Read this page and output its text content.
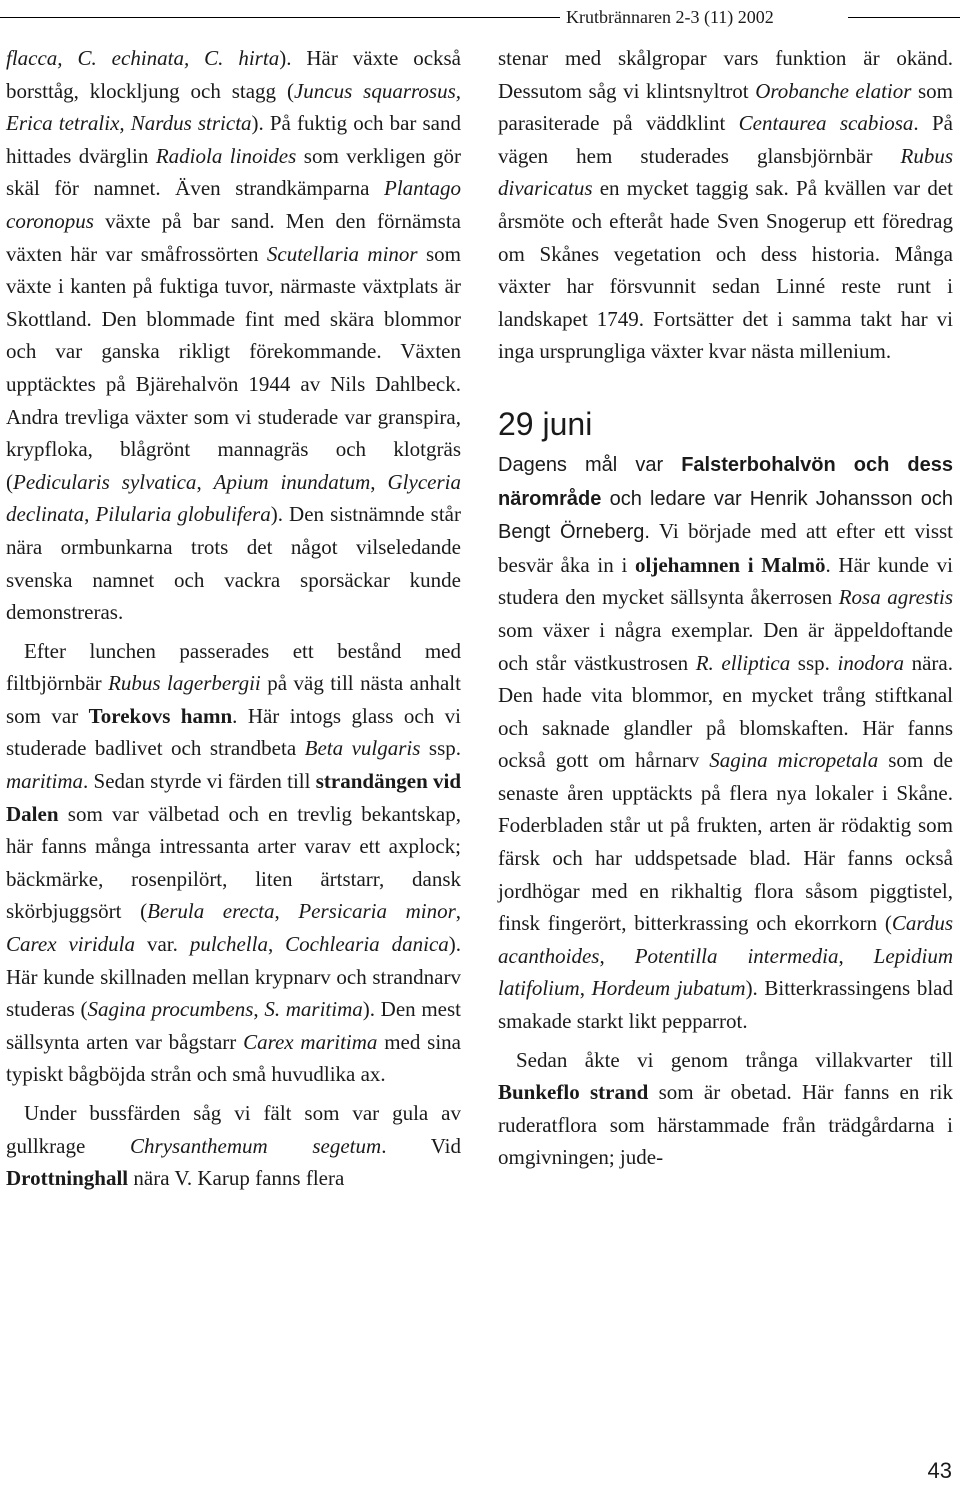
Krutbrännaren 2-3 (11) 2002

flacca, C. echinata, C. hirta). Här växte också borsttåg, klockljung och stagg (Juncus squarrosus, Erica tetralix, Nardus stricta). På fuktig och bar sand hittades dvärglin Radiola linoides som verkligen gör skäl för namnet. Även strandkämparna Plantago coronopus växte på bar sand. Men den förnämsta växten här var småfrossörten Scutellaria minor som växte i kanten på fuktiga tuvor, närmaste växtplats är Skottland. Den blommade fint med skära blommor och var ganska rikligt förekommande. Växten upptäcktes på Bjärehalvön 1944 av Nils Dahlbeck. Andra trevliga växter som vi studerade var granspira, krypfloka, blågrönt mannagräs och klotgräs (Pedicularis sylvatica, Apium inundatum, Glyceria declinata, Pilularia globulifera). Den sistnämnde står nära ormbunkarna trots det något vilseledande svenska namnet och vackra sporsäckar kunde demonstreras.

Efter lunchen passerades ett bestånd med filtbjörnbär Rubus lagerbergii på väg till nästa anhalt som var Torekovs hamn. Här intogs glass och vi studerade badlivet och strandbeta Beta vulgaris ssp. maritima. Sedan styrde vi färden till strandängen vid Dalen som var välbetad och en trevlig bekantskap, här fanns många intressanta arter varav ett axplock; bäckmärke, rosenpilört, liten ärtstarr, dansk skörbjuggsört (Berula erecta, Persicaria minor, Carex viridula var. pulchella, Cochlearia danica). Här kunde skillnaden mellan krypnarv och strandnarv studeras (Sagina procumbens, S. maritima). Den mest sällsynta arten var bågstarr Carex maritima med sina typiskt bågböjda strån och små huvudlika ax.

Under bussfärden såg vi fält som var gula av gullkrage Chrysanthemum segetum. Vid Drottninghall nära V. Karup fanns flera

stenar med skålgropar vars funktion är okänd. Dessutom såg vi klintsnyltrot Orobanche elatior som parasiterade på väddklint Centaurea scabiosa. På vägen hem studerades glansbjörnbär Rubus divaricatus en mycket taggig sak. På kvällen var det årsmöte och efteråt hade Sven Snogerup ett föredrag om Skånes vegetation och dess historia. Många växter har försvunnit sedan Linné reste runt i landskapet 1749. Fortsätter det i samma takt har vi inga ursprungliga växter kvar nästa millenium.

29 juni

Dagens mål var Falsterbohalvön och dess närområde och ledare var Henrik Johansson och Bengt Örneberg. Vi började med att efter ett visst besvär åka in i oljehamnen i Malmö. Här kunde vi studera den mycket sällsynta åkerrosen Rosa agrestis som växer i några exemplar. Den är äppeldoftande och står västkustrosen R. elliptica ssp. inodora nära. Den hade vita blommor, en mycket trång stiftkanal och saknade glandler på blomskaften. Här fanns också gott om hårnarv Sagina micropetala som de senaste åren upptäckts på flera nya lokaler i Skåne. Foderbladen står ut på frukten, arten är rödaktig som färsk och har uddspetsade blad. Här fanns också jordhögar med en rikhaltig flora såsom piggtistel, finsk fingerört, bitterkrassing och ekorrkorn (Cardus acanthoides, Potentilla intermedia, Lepidium latifolium, Hordeum jubatum). Bitterkrassingens blad smakade starkt likt pepparrot.

Sedan åkte vi genom trånga villakvarter till Bunkeflo strand som är obetad. Här fanns en rik ruderatflora som härstammade från trädgårdarna i omgivningen; jude-

43
